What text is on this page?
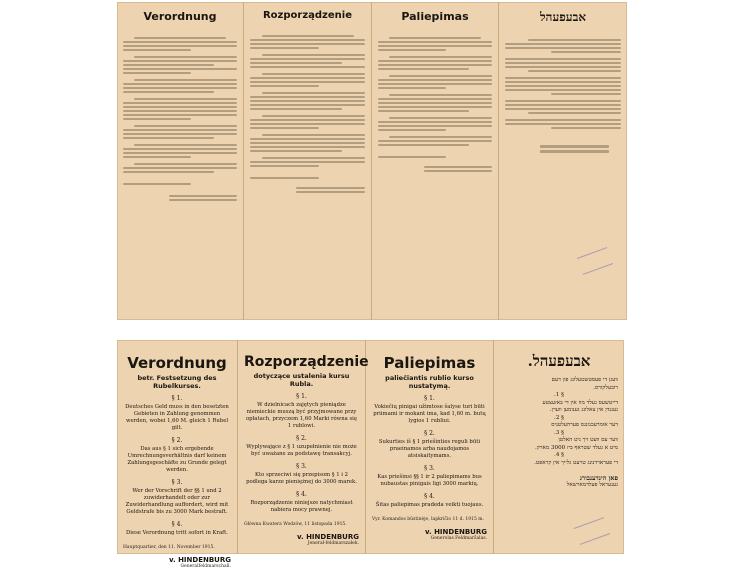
Verordnung	Rozporządzenie	Paliepimas	אבעפעהל
Verordnung
betr. Festsetzung des Rubelkurses.
§ 1.
Deutsches Geld muss in den besetzten Gebieten in Zahlung genommen werden, wobei 1,60 M. gleich 1 Rubel gilt.
§ 2.
Das aus § 1 sich ergebende Umrechnungsverhältnis darf keinem Zahlungsgeschäfte zu Grunde gelegt werden.
§ 3.
Wer der Vorschrift der §§ 1 und 2 zuwiderhandelt oder zur Zuwiderhandlung auffordert, wird mit Geldstrafe bis zu 3000 Mark bestraft.
§ 4.
Diese Verordnung tritt sofort in Kraft.
Hauptquartier, den 11. November 1915.
v. HINDENBURG
Generalfeldmarschall.
Rozporządzenie
dotyczące ustalenia kursu Rubla.
§ 1.
W dzielnicach zajętych pieniądze niemieckie muszą być przyjmowane przy opłatach, przyczem 1,60 Marki równa się 1 rublowi.
§ 2.
Wyplywające z § 1 uzupełnienie nie może być uważane za podstawę transakcyj.
§ 3.
Kto sprzeciwi się przepisom § 1 i 2 podlega karze pieniężnej do 3000 marek.
§ 4.
Rozporządzenie niniejsze natychmiast nabiera mocy prawnej.
Główna Kwatera Wodzów, 11 listopada 1915.
v. HINDENBURG
Jenerał-feldmarszałek.
Paliepimas
paliečiantis rublio kurso nustatymą.
§ 1.
Vokiečių pinigai užimtose šalyse turi būti priimami ir mokant ima, kad 1,60 m. butų lygios 1 rubliui.
§ 2.
Sukurties iš § 1 priešinties reguli būti praeinamos arba naudojamos atsiskaitymams.
§ 3.
Kas priešinsi §§ 1 ir 2 paliepimams bus nubaustas pinigais ligi 3000 markių.
§ 4.
Šitas paliepimas pradeda veikti tuojaus.
Vyr. Komandos būstinėje, lapkričio 11 d. 1915 m.
v. HINDENBURG
Generolas Feldmaršalas.
אבעפעהל.
װעגן די פעסטשטעלונג פון דעם
רובעלקורס.
§ 1.
דייטשעס געלד מוז אין די באזעצטע
געגנדן אין צאלונג גענומען װערן.
§ 2.
דער אומרעכנונגס פערהעלטניס
§ 3.
װער עס װעט זיך ניט האלטן
מיט א געלד שטראף ביז 3000 מארק.
§ 4.
די פערארדנונג טרעט גלייך אין קראפט.
פאן הינדענבורג
גענעראל פעלדמארשאל
